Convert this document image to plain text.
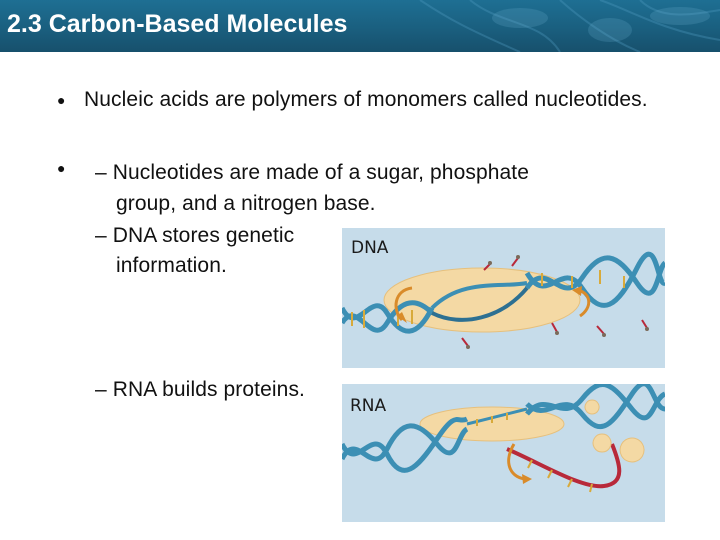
2.3 Carbon-Based Molecules
● Nucleic acids are polymers of monomers called nucleotides.
● – Nucleotides are made of a sugar, phosphate
group, and a nitrogen base.
– DNA stores genetic
information.
– RNA builds proteins.
DNA
RNA
